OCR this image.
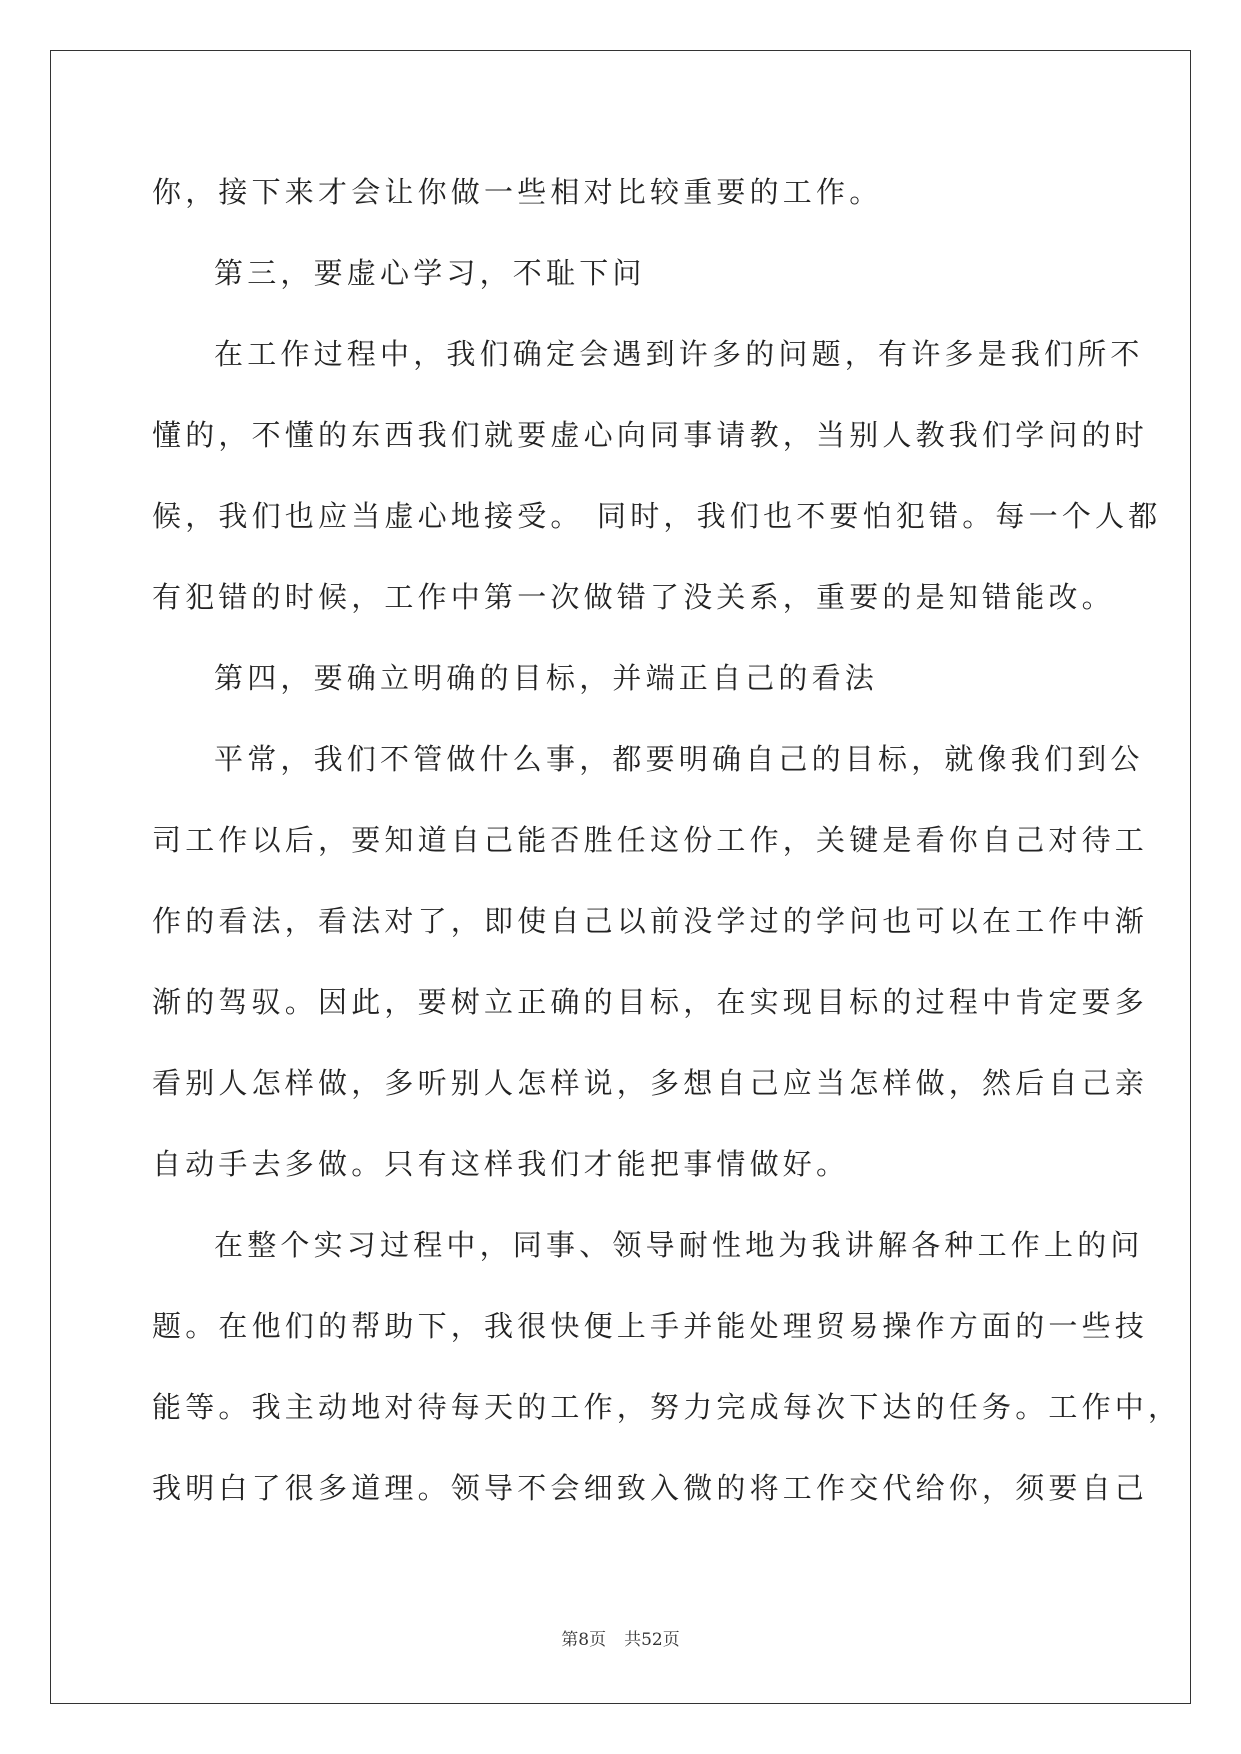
你，接下来才会让你做一些相对比较重要的工作。
第三，要虚心学习，不耻下问
在工作过程中，我们确定会遇到许多的问题，有许多是我们所不
懂的，不懂的东西我们就要虚心向同事请教，当别人教我们学问的时
候，我们也应当虚心地接受。 同时，我们也不要怕犯错。每一个人都
有犯错的时候，工作中第一次做错了没关系，重要的是知错能改。
第四，要确立明确的目标，并端正自己的看法
平常，我们不管做什么事，都要明确自己的目标，就像我们到公
司工作以后，要知道自己能否胜任这份工作，关键是看你自己对待工
作的看法，看法对了，即使自己以前没学过的学问也可以在工作中渐
渐的驾驭。因此，要树立正确的目标，在实现目标的过程中肯定要多
看别人怎样做，多听别人怎样说，多想自己应当怎样做，然后自己亲
自动手去多做。只有这样我们才能把事情做好。
在整个实习过程中，同事、领导耐性地为我讲解各种工作上的问
题。在他们的帮助下，我很快便上手并能处理贸易操作方面的一些技
能等。我主动地对待每天的工作，努力完成每次下达的任务。工作中，
我明白了很多道理。领导不会细致入微的将工作交代给你，须要自己
第8页 共52页
